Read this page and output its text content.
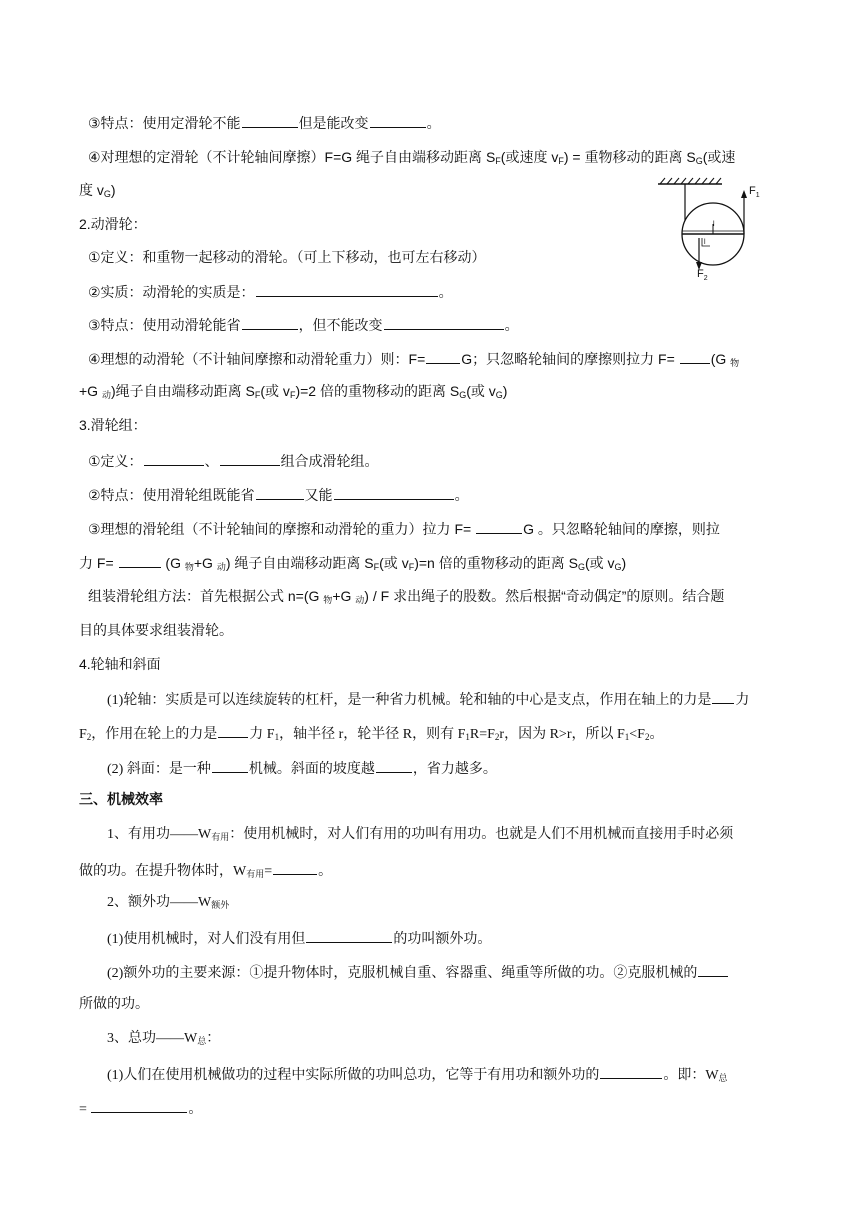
③特点：使用定滑轮不能	但是能改变	。
④对理想的定滑轮（不计轮轴间摩擦）F=G 绳子自由端移动距离 $S_F$(或速度 $v_F$) = 重物移动的距离 $S_G$(或速
度 $v_G$)	$F_1$
$F_2$
l
l
2.动滑轮：
①定义：和重物一起移动的滑轮。（可上下移动，也可左右移动）
②实质：动滑轮的实质是：	。
③特点：使用动滑轮能省	，但不能改变	。
④理想的动滑轮（不计轴间摩擦和动滑轮重力）则：F=	G；只忽略轮轴间的摩擦则拉力 F=	(G $_物$
+G $_动$)绳子自由端移动距离 $S_F$(或 $v_F)=2$ 倍的重物移动的距离 $S_G$(或 $v_G$)
3.滑轮组：
①定义：	、	组合成滑轮组。
②特点：使用滑轮组既能省	又能	。
③理想的滑轮组（不计轮轴间的摩擦和动滑轮的重力）拉力 F=	G 。只忽略轮轴间的摩擦，则拉
力 F=	(G $_物$+G $_动$) 绳子自由端移动距离 $S_F$(或 $v_F)=n$ 倍的重物移动的距离 $S_G$(或 $v_G$)
组装滑轮组方法：首先根据公式 n=(G $_物$+G $_动$) / F 求出绳子的股数。然后根据“奇动偶定”的原则。结合题
目的具体要求组装滑轮。
4.轮轴和斜面
(1)轮轴：实质是可以连续旋转的杠杆，是一种省力机械。轮和轴的中心是支点，作用在轴上的力是 力
$F_2$，作用在轮上的力是 力 $F_1$，轴半径 r，轮半径 R，则有 $F_1R=F_2r$，因为 R>r，所以 $F_1<F_2$。
(2) 斜面：是一种	机械。斜面的坡度越	，省力越多。
三、机械效率
1、有用功$——W_{有用}$：使用机械时，对人们有用的功叫有用功。也就是人们不用机械而直接用手时必须
做的功。在提升物体时，$W_{有用}=$	。
2、额外功$——W_{额外}$
(1)使用机械时，对人们没有用但	的功叫额外功。
(2)额外功的主要来源：①提升物体时，克服机械自重、容器重、绳重等所做的功。②克服机械的
所做的功。
3、总功$——W_总$：
(1)人们在使用机械做功的过程中实际所做的功叫总功，它等于有用功和额外功的	。即：$W_总$
=	。
